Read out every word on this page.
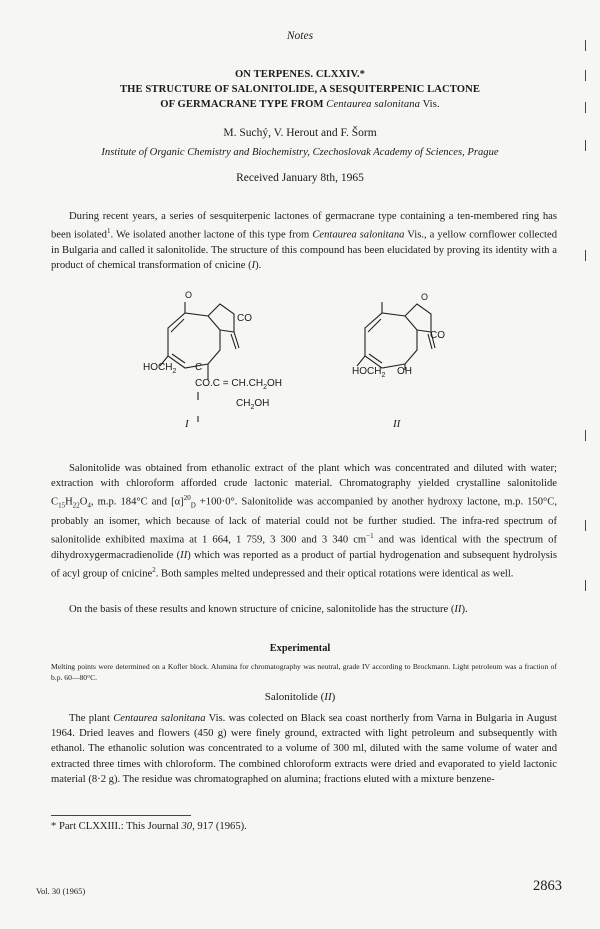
Notes
ON TERPENES. CLXXIV.*
THE STRUCTURE OF SALONITOLIDE, A SESQUITERPENIC LACTONE
OF GERMACRANE TYPE FROM Centaurea salonitana Vis.
M. Suchý, V. Herout and F. Šorm
Institute of Organic Chemistry and Biochemistry, Czechoslovak Academy of Sciences, Prague
Received January 8th, 1965

During recent years, a series of sesquiterpenic lactones of germacrane type containing a ten-membered ring has been isolated$^1$. We isolated another lactone of this type from Centaurea salonitana Vis., a yellow cornflower collected in Bulgaria and called it salonitolide. The structure of this compound has been elucidated by proving its identity with a product of chemical transformation of cnicine (I).

O
CO
$HOCH_2$ C
$CO.C = CH.CH_2OH$
$CH_2OH$
I
O
CO
$HOCH_2$ OH
II

Salonitolide was obtained from ethanolic extract of the plant which was concentrated and diluted with water; extraction with chloroform afforded crude lactonic material. Chromatography yielded crystalline salonitolide $C_{15}H_{22}O_4$, m.p. 184°C and $[\alpha]^{20}_D +100\cdot 0^\circ$. Salonitolide was accompanied by another hydroxy lactone, m.p. 150°C, probably an isomer, which because of lack of material could not be further studied. The infra-red spectrum of salonitolide exhibited maxima at 1 664, 1 759, 3 300 and 3 340 $cm^{-1}$ and was identical with the spectrum of dihydroxygermacradienolide (II) which was reported as a product of partial hydrogenation and subsequent hydrolysis of acyl group of cnicine$^2$. Both samples melted undepressed and their optical rotations were identical as well.

On the basis of these results and known structure of cnicine, salonitolide has the structure (II).

Experimental
Melting points were determined on a Kofler block. Alumina for chromatography was neutral, grade IV according to Brockmann. Light petroleum was a fraction of b.p. 60—80°C.
Salonitolide (II)

The plant Centaurea salonitana Vis. was colected on Black sea coast northerly from Varna in Bulgaria in August 1964. Dried leaves and flowers (450 g) were finely ground, extracted with light petroleum and subsequently with ethanol. The ethanolic solution was concentrated to a volume of 300 ml, diluted with the same volume of water and extracted three times with chloroform. The combined chloroform extracts were dried and evaporated to yield lactonic material (8·2 g). The residue was chromatographed on alumina; fractions eluted with a mixture benzene-

* Part CLXXIII.: This Journal 30, 917 (1965).
Vol. 30 (1965)	2863
